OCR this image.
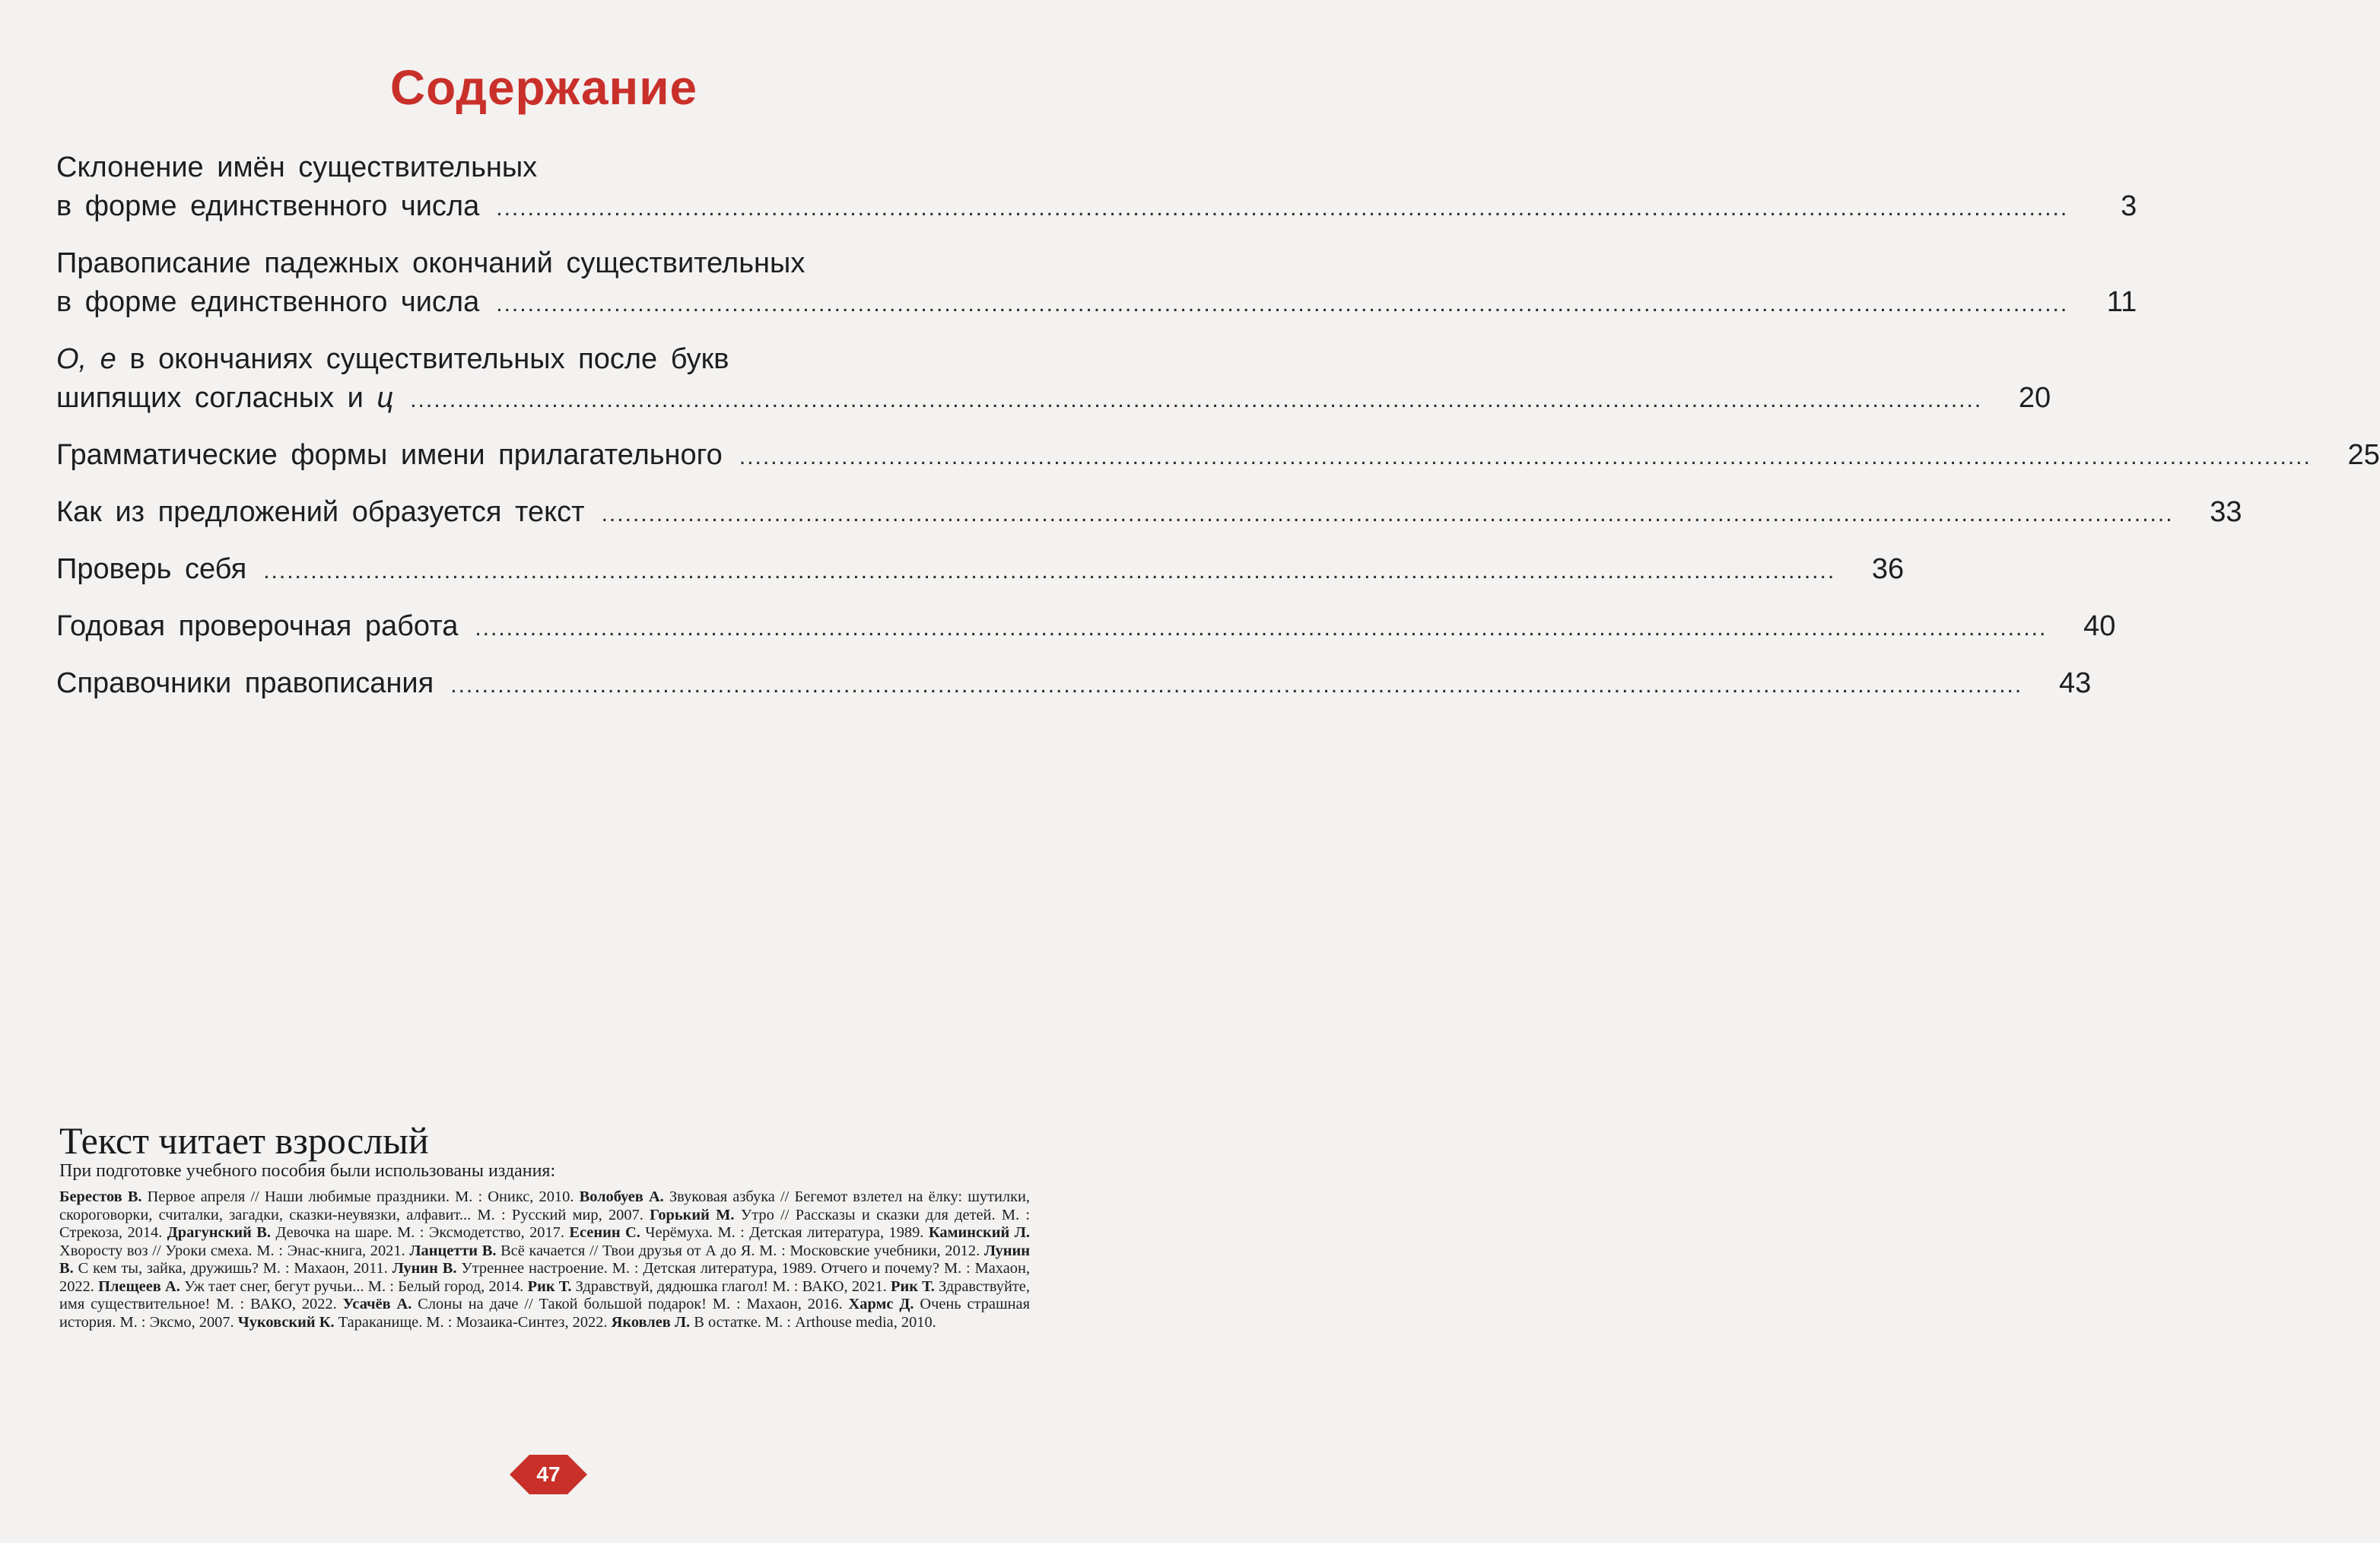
Содержание
Склонение имён существительных
в форме единственного числа ........................................................................................................................................................................................................	3
Правописание падежных окончаний существительных
в форме единственного числа ........................................................................................................................................................................................................	11
О, е в окончаниях существительных после букв
шипящих согласных и ц ........................................................................................................................................................................................................	20
Грамматические формы имени прилагательного ........................................................................................................................................................................................................	25
Как из предложений образуется текст ........................................................................................................................................................................................................	33
Проверь себя ........................................................................................................................................................................................................	36
Годовая проверочная работа ........................................................................................................................................................................................................	40
Справочники правописания ........................................................................................................................................................................................................	43
Текст читает взрослый
При подготовке учебного пособия были использованы издания:
Берестов В. Первое апреля // Наши любимые праздники. М. : Оникс, 2010. Волобуев А. Звуковая азбука // Бегемот взлетел на ёлку: шутилки, скороговорки, считалки, загадки, сказки-неувязки, алфавит... М. : Русский мир, 2007. Горький М. Утро // Рассказы и сказки для детей. М. : Стрекоза, 2014. Драгунский В. Девочка на шаре. М. : Эксмодетство, 2017. Есенин С. Черёмуха. М. : Детская литература, 1989. Каминский Л. Хворосту воз // Уроки смеха. М. : Энас-книга, 2021. Ланцетти В. Всё качается // Твои друзья от А до Я. М. : Московские учебники, 2012. Лунин В. С кем ты, зайка, дружишь? М. : Махаон, 2011. Лунин В. Утреннее настроение. М. : Детская литература, 1989. Отчего и почему? М. : Махаон, 2022. Плещеев А. Уж тает снег, бегут ручьи... М. : Белый город, 2014. Рик Т. Здравствуй, дядюшка глагол! М. : ВАКО, 2021. Рик Т. Здравствуйте, имя существительное! М. : ВАКО, 2022. Усачёв А. Слоны на даче // Такой большой подарок! М. : Махаон, 2016. Хармс Д. Очень страшная история. М. : Эксмо, 2007. Чуковский К. Тараканище. М. : Мозаика-Синтез, 2022. Яковлев Л. В остатке. М. : Arthouse media, 2010.
47
